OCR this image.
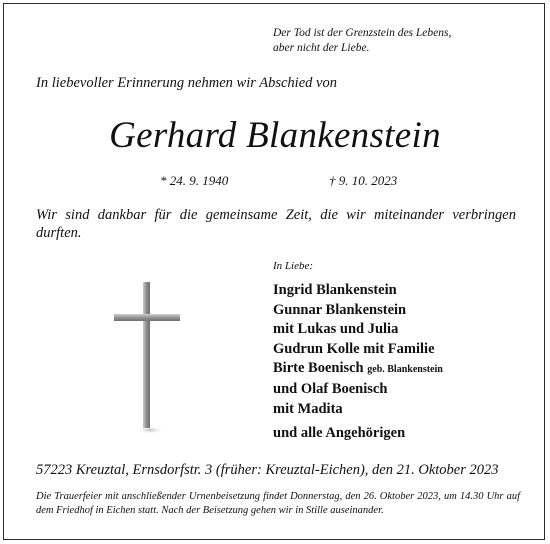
Der Tod ist der Grenzstein des Lebens,
aber nicht der Liebe.
In liebevoller Erinnerung nehmen wir Abschied von
Gerhard Blankenstein
* 24. 9. 1940	† 9. 10. 2023
Wir sind dankbar für die gemeinsame Zeit, die wir miteinander verbringen
durften.
In Liebe:
Ingrid Blankenstein
Gunnar Blankenstein
mit Lukas und Julia
Gudrun Kolle mit Familie
Birte Boenisch geb. Blankenstein
und Olaf Boenisch
mit Madita
und alle Angehörigen
57223 Kreuztal, Ernsdorfstr. 3 (früher: Kreuztal-Eichen), den 21. Oktober 2023
Die Trauerfeier mit anschließender Urnenbeisetzung findet Donnerstag, den 26. Oktober 2023, um 14.30 Uhr auf dem Friedhof in Eichen statt. Nach der Beisetzung gehen wir in Stille auseinander.
